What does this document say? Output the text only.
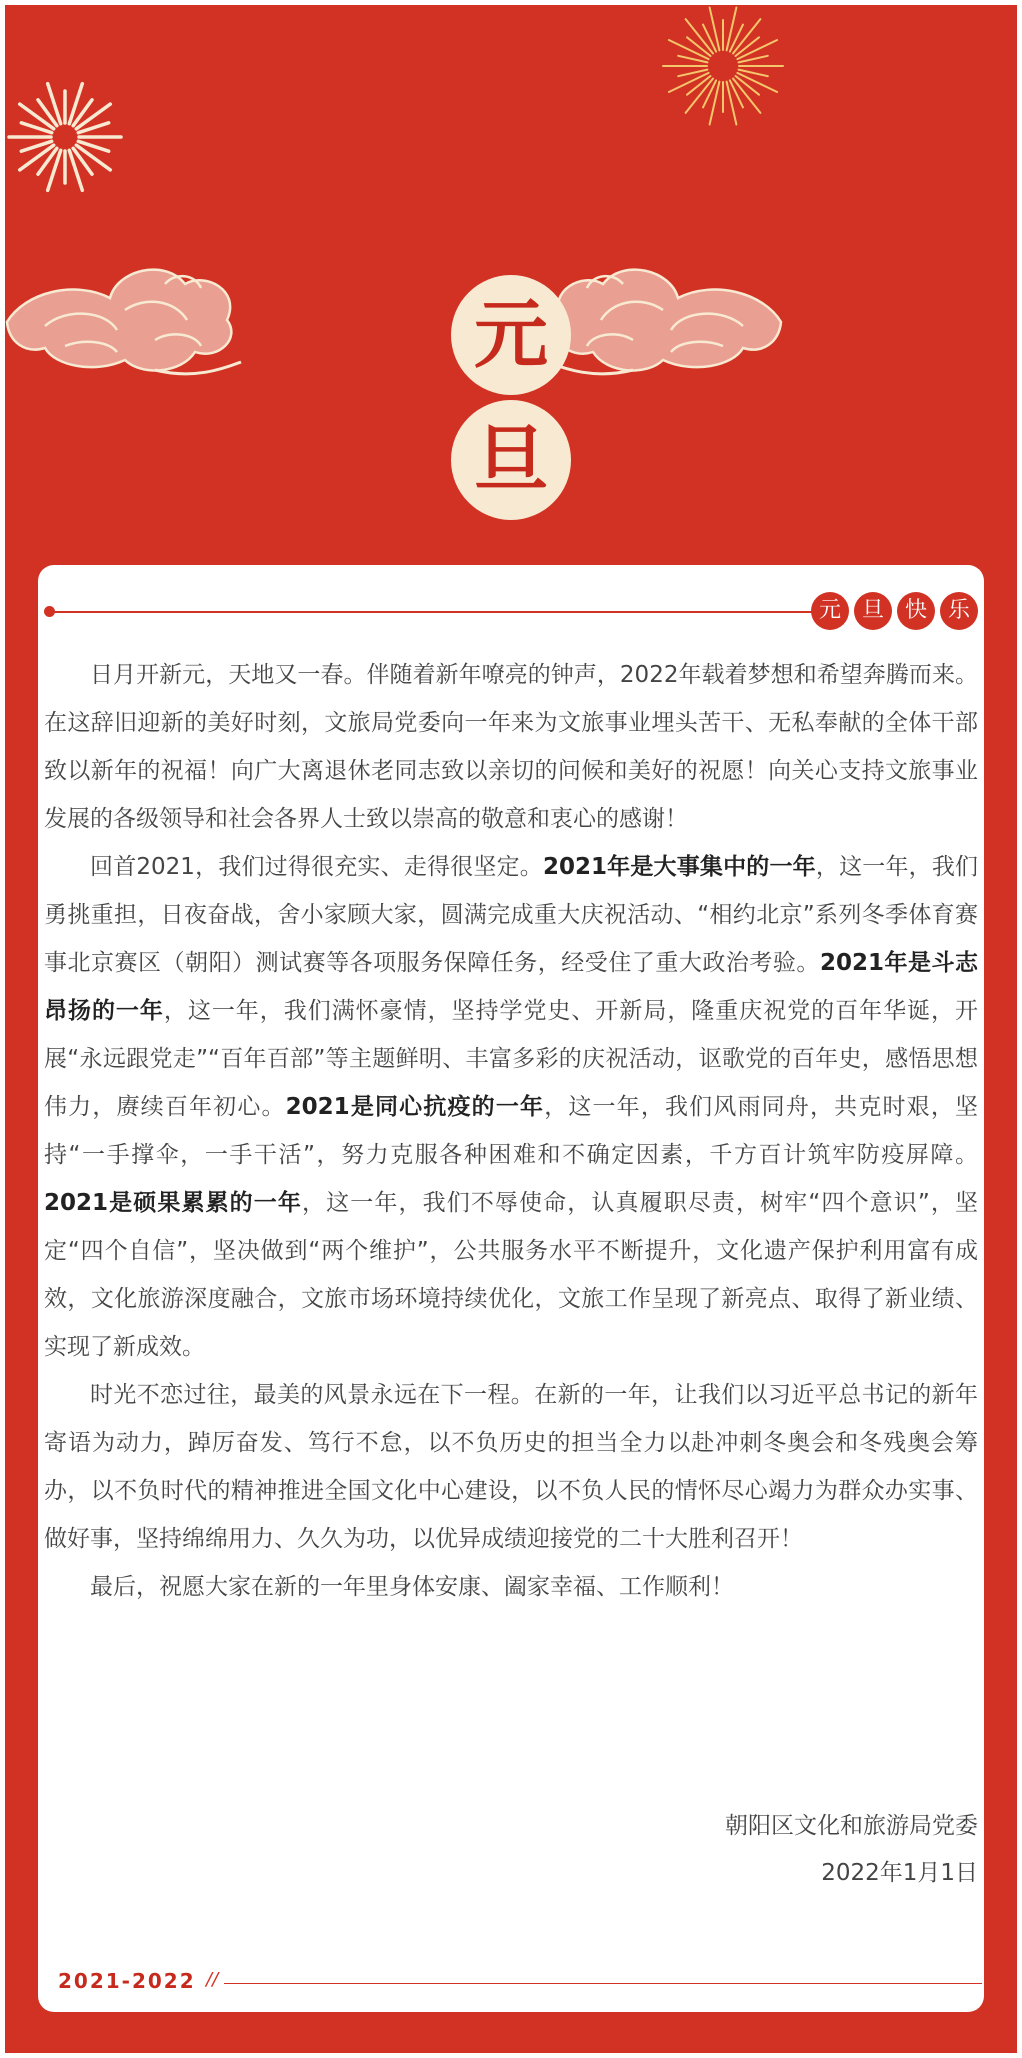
元
旦
元 旦 快 乐

日月开新元，天地又一春。伴随着新年嘹亮的钟声，2022年载着梦想和希望奔腾而来。在这辞旧迎新的美好时刻，文旅局党委向一年来为文旅事业埋头苦干、无私奉献的全体干部致以新年的祝福！向广大离退休老同志致以亲切的问候和美好的祝愿！向关心支持文旅事业发展的各级领导和社会各界人士致以崇高的敬意和衷心的感谢！

回首2021，我们过得很充实、走得很坚定。2021年是大事集中的一年，这一年，我们勇挑重担，日夜奋战，舍小家顾大家，圆满完成重大庆祝活动、“相约北京”系列冬季体育赛事北京赛区（朝阳）测试赛等各项服务保障任务，经受住了重大政治考验。2021年是斗志昂扬的一年，这一年，我们满怀豪情，坚持学党史、开新局，隆重庆祝党的百年华诞，开展“永远跟党走”“百年百部”等主题鲜明、丰富多彩的庆祝活动，讴歌党的百年史，感悟思想伟力，赓续百年初心。2021是同心抗疫的一年，这一年，我们风雨同舟，共克时艰，坚持“一手撑伞，一手干活”，努力克服各种困难和不确定因素，千方百计筑牢防疫屏障。2021是硕果累累的一年，这一年，我们不辱使命，认真履职尽责，树牢“四个意识”，坚定“四个自信”，坚决做到“两个维护”，公共服务水平不断提升，文化遗产保护利用富有成效，文化旅游深度融合，文旅市场环境持续优化，文旅工作呈现了新亮点、取得了新业绩、实现了新成效。

时光不恋过往，最美的风景永远在下一程。在新的一年，让我们以习近平总书记的新年寄语为动力，踔厉奋发、笃行不怠，以不负历史的担当全力以赴冲刺冬奥会和冬残奥会筹办，以不负时代的精神推进全国文化中心建设，以不负人民的情怀尽心竭力为群众办实事、做好事，坚持绵绵用力、久久为功，以优异成绩迎接党的二十大胜利召开！

最后，祝愿大家在新的一年里身体安康、阖家幸福、工作顺利！

朝阳区文化和旅游局党委
2022年1月1日
2021-2022 //
